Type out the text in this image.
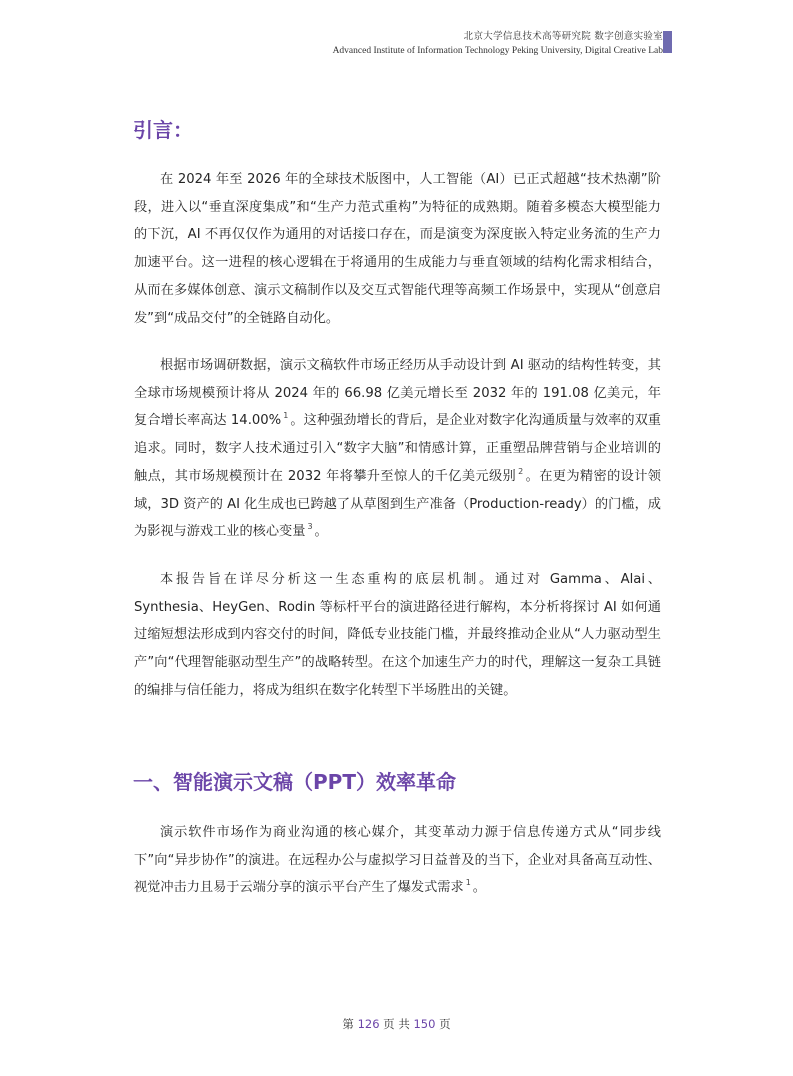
北京大学信息技术高等研究院 数字创意实验室
Advanced Institute of Information Technology Peking University, Digital Creative Lab
引言：

在 2024 年至 2026 年的全球技术版图中，人工智能（AI）已正式超越“技术热潮”阶段，进入以“垂直深度集成”和“生产力范式重构”为特征的成熟期。随着多模态大模型能力的下沉，AI 不再仅仅作为通用的对话接口存在，而是演变为深度嵌入特定业务流的生产力加速平台。这一进程的核心逻辑在于将通用的生成能力与垂直领域的结构化需求相结合，从而在多媒体创意、演示文稿制作以及交互式智能代理等高频工作场景中，实现从“创意启发”到“成品交付”的全链路自动化。

根据市场调研数据，演示文稿软件市场正经历从手动设计到 AI 驱动的结构性转变，其全球市场规模预计将从 2024 年的 66.98 亿美元增长至 2032 年的 191.08 亿美元，年复合增长率高达 14.00% $^1$ 。这种强劲增长的背后，是企业对数字化沟通质量与效率的双重追求。同时，数字人技术通过引入“数字大脑”和情感计算，正重塑品牌营销与企业培训的触点，其市场规模预计在 2032 年将攀升至惊人的千亿美元级别 $^2$ 。在更为精密的设计领域，3D 资产的 AI 化生成也已跨越了从草图到生产准备（Production-ready）的门槛，成为影视与游戏工业的核心变量 $^3$ 。

本报告旨在详尽分析这一生态重构的底层机制。通过对 Gamma、Alai、Synthesia、HeyGen、Rodin 等标杆平台的演进路径进行解构，本分析将探讨 AI 如何通过缩短想法形成到内容交付的时间，降低专业技能门槛，并最终推动企业从“人力驱动型生产”向“代理智能驱动型生产”的战略转型。在这个加速生产力的时代，理解这一复杂工具链的编排与信任能力，将成为组织在数字化转型下半场胜出的关键。

一、智能演示文稿（PPT）效率革命

演示软件市场作为商业沟通的核心媒介，其变革动力源于信息传递方式从“同步线下”向“异步协作”的演进。在远程办公与虚拟学习日益普及的当下，企业对具备高互动性、视觉冲击力且易于云端分享的演示平台产生了爆发式需求 $^1$ 。

第 126 页 共 150 页
